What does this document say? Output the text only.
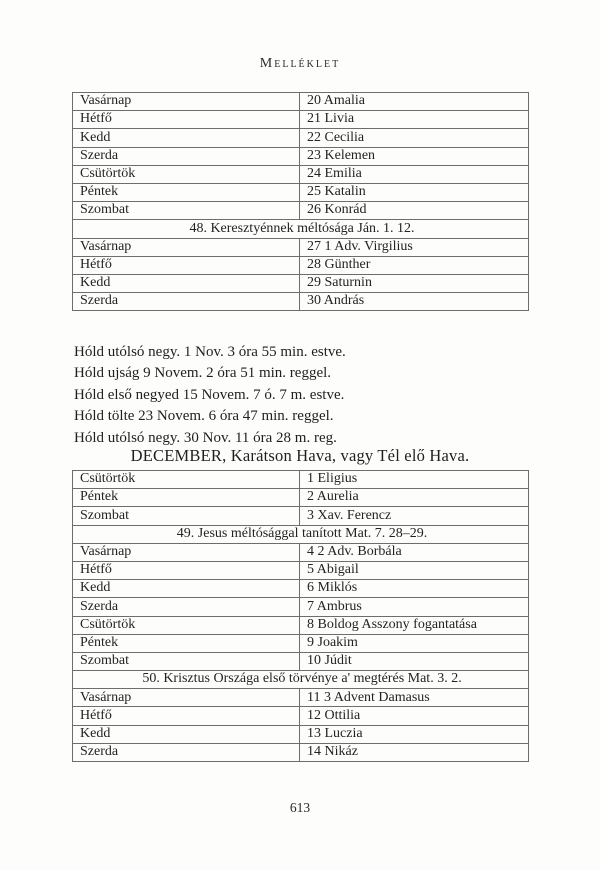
Melléklet
Vasárnap	20 Amalia
Hétfő	21 Livia
Kedd	22 Cecilia
Szerda	23 Kelemen
Csütörtök	24 Emilia
Péntek	25 Katalin
Szombat	26 Konrád
48. Keresztyénnek méltósága Ján. 1. 12.	
Vasárnap	27 1 Adv. Virgilius
Hétfő	28 Günther
Kedd	29 Saturnin
Szerda	30 András
Hóld utólsó negy. 1 Nov. 3 óra 55 min. estve.
Hóld ujság 9 Novem. 2 óra 51 min. reggel.
Hóld első negyed 15 Novem. 7 ó. 7 m. estve.
Hóld tölte 23 Novem. 6 óra 47 min. reggel.
Hóld utólsó negy. 30 Nov. 11 óra 28 m. reg.
DECEMBER, Karátson Hava, vagy Tél elő Hava.
Csütörtök	1 Eligius
Péntek	2 Aurelia
Szombat	3 Xav. Ferencz
49. Jesus méltósággal tanított Mat. 7. 28–29.	
Vasárnap	4 2 Adv. Borbála
Hétfő	5 Abigail
Kedd	6 Miklós
Szerda	7 Ambrus
Csütörtök	8 Boldog Asszony fogantatása
Péntek	9 Joakim
Szombat	10 Júdit
50. Krisztus Országa első törvénye a' megtérés Mat. 3. 2.	
Vasárnap	11 3 Advent Damasus
Hétfő	12 Ottilia
Kedd	13 Luczia
Szerda	14 Nikáz
613
